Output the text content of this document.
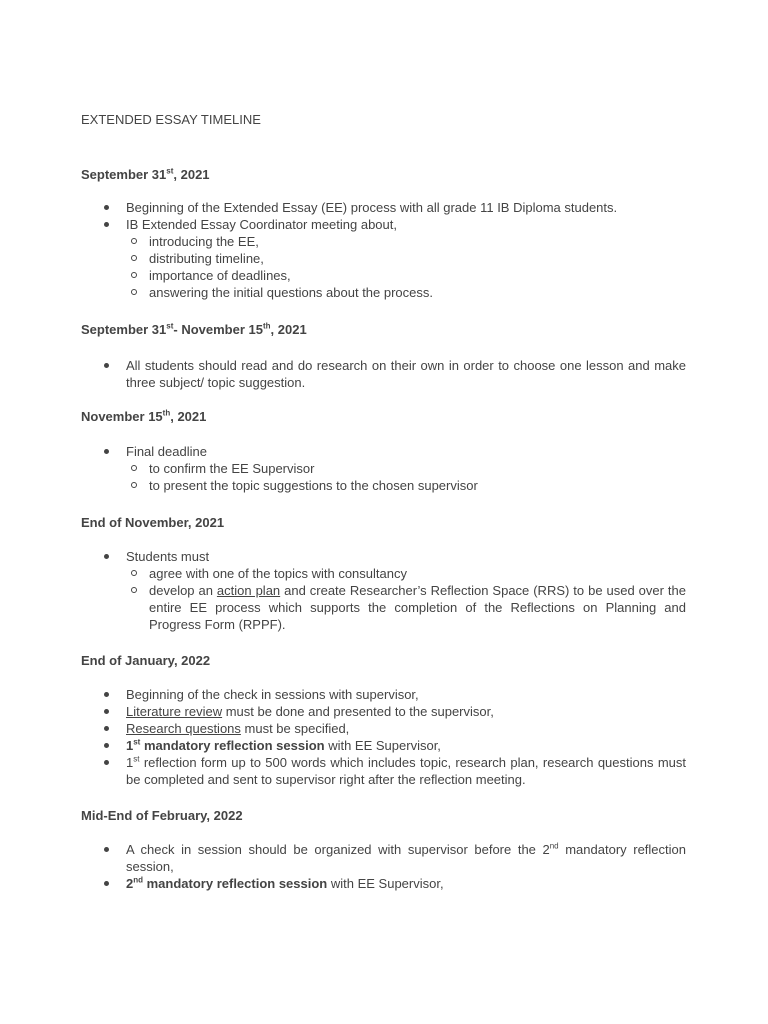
EXTENDED ESSAY TIMELINE
September 31st, 2021
Beginning of the Extended Essay (EE) process with all grade 11 IB Diploma students.
IB Extended Essay Coordinator meeting about,
introducing the EE,
distributing timeline,
importance of deadlines,
answering the initial questions about the process.
September 31st- November 15th, 2021
All students should read and do research on their own in order to choose one lesson and make three subject/ topic suggestion.
November 15th, 2021
Final deadline
to confirm the EE Supervisor
to present the topic suggestions to the chosen supervisor
End of November, 2021
Students must
agree with one of the topics with consultancy
develop an action plan and create Researcher’s Reflection Space (RRS) to be used over the entire EE process which supports the completion of the Reflections on Planning and Progress Form (RPPF).
End of January, 2022
Beginning of the check in sessions with supervisor,
Literature review must be done and presented to the supervisor,
Research questions must be specified,
1st mandatory reflection session with EE Supervisor,
1st reflection form up to 500 words which includes topic, research plan, research questions must be completed and sent to supervisor right after the reflection meeting.
Mid-End of February, 2022
A check in session should be organized with supervisor before the 2nd mandatory reflection session,
2nd mandatory reflection session with EE Supervisor,
